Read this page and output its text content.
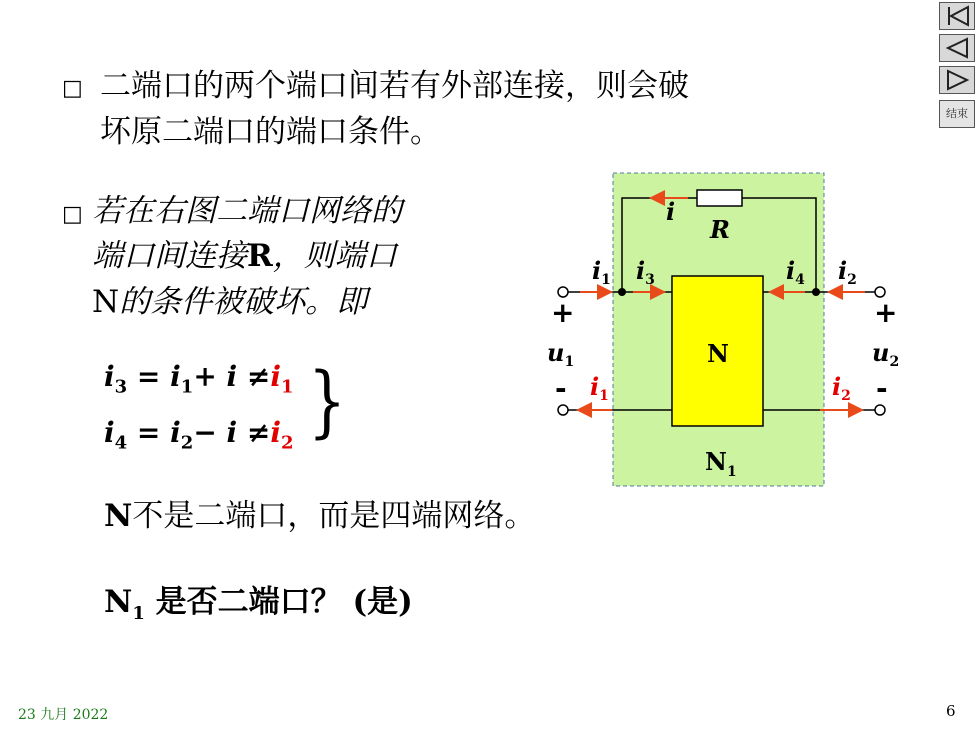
结束
□ 二端口的两个端口间若有外部连接，则会破
坏原二端口的端口条件。
□ 若在右图二端口网络的
端口间连接R，则端口
N的条件被破坏。即
$i_3 = i_1+ i \ne i_1$
$i_4 = i_2- i \ne i_2$ }
N不是二端口，而是四端网络。
$N_1$ 是否二端口？ (是)
i
R
$i_1$ $i_3$	$i_4$ $i_2$
$u_1$	$u_2$
$i_1$	$i_2$
+	+
-	-
N
$N_1$
23 九月 2022	6
